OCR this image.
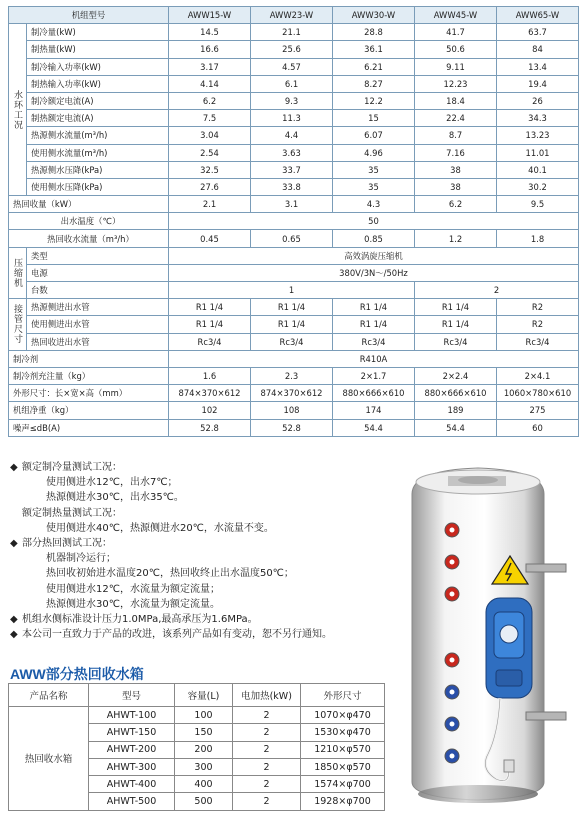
机组型号		AWW15-W	AWW23-W	AWW30-W	AWW45-W	AWW65-W
水环工况	制冷量(kW)	14.5	21.1	28.8	41.7	63.7
	制热量(kW)	16.6	25.6	36.1	50.6	84
	制冷输入功率(kW)	3.17	4.57	6.21	9.11	13.4
	制热输入功率(kW)	4.14	6.1	8.27	12.23	19.4
	制冷额定电流(A)	6.2	9.3	12.2	18.4	26
	制热额定电流(A)	7.5	11.3	15	22.4	34.3
	热源侧水流量(m³/h)	3.04	4.4	6.07	8.7	13.23
	使用侧水流量(m³/h)	2.54	3.63	4.96	7.16	11.01
	热源侧水压降(kPa)	32.5	33.7	35	38	40.1
	使用侧水压降(kPa)	27.6	33.8	35	38	30.2
热回收量（kW）		2.1	3.1	4.3	6.2	9.5
出水温度（℃）		50				
热回收水流量（m³/h）		0.45	0.65	0.85	1.2	1.8
压缩机	类型	高效涡旋压缩机				
	电源	380V/3N～/50Hz				
	台数	1			2	
接管尺寸	热源侧进出水管	R1 1/4	R1 1/4	R1 1/4	R1 1/4	R2
	使用侧进出水管	R1 1/4	R1 1/4	R1 1/4	R1 1/4	R2
	热回收进出水管	Rc3/4	Rc3/4	Rc3/4	Rc3/4	Rc3/4
制冷剂		R410A				
制冷剂充注量（kg）		1.6	2.3	2×1.7	2×2.4	2×4.1
外形尺寸：长×宽×高（mm）		874×370×612	874×370×612	880×666×610	880×666×610	1060×780×610
机组净重（kg）		102	108	174	189	275
噪声≤dB(A)		52.8	52.8	54.4	54.4	60
◆ 额定制冷量测试工况：
使用侧进水12℃，出水7℃；
热源侧进水30℃，出水35℃。
额定制热量测试工况：
使用侧进水40℃，热源侧进水20℃，水流量不变。
◆ 部分热回测试工况：
机器制冷运行；
热回收初始进水温度20℃，热回收终止出水温度50℃；
使用侧进水12℃，水流量为额定流量；
热源侧进水30℃，水流量为额定流量。
◆ 机组水侧标准设计压力1.0MPa,最高承压为1.6MPa。
◆ 本公司一直致力于产品的改进，该系列产品如有变动，恕不另行通知。
AWW部分热回收水箱
产品名称	型号	容量(L)	电加热(kW)	外形尺寸
热回收水箱	AHWT-100	100	2	1070×φ470
	AHWT-150	150	2	1530×φ470
	AHWT-200	200	2	1210×φ570
	AHWT-300	300	2	1850×φ570
	AHWT-400	400	2	1574×φ700
	AHWT-500	500	2	1928×φ700
